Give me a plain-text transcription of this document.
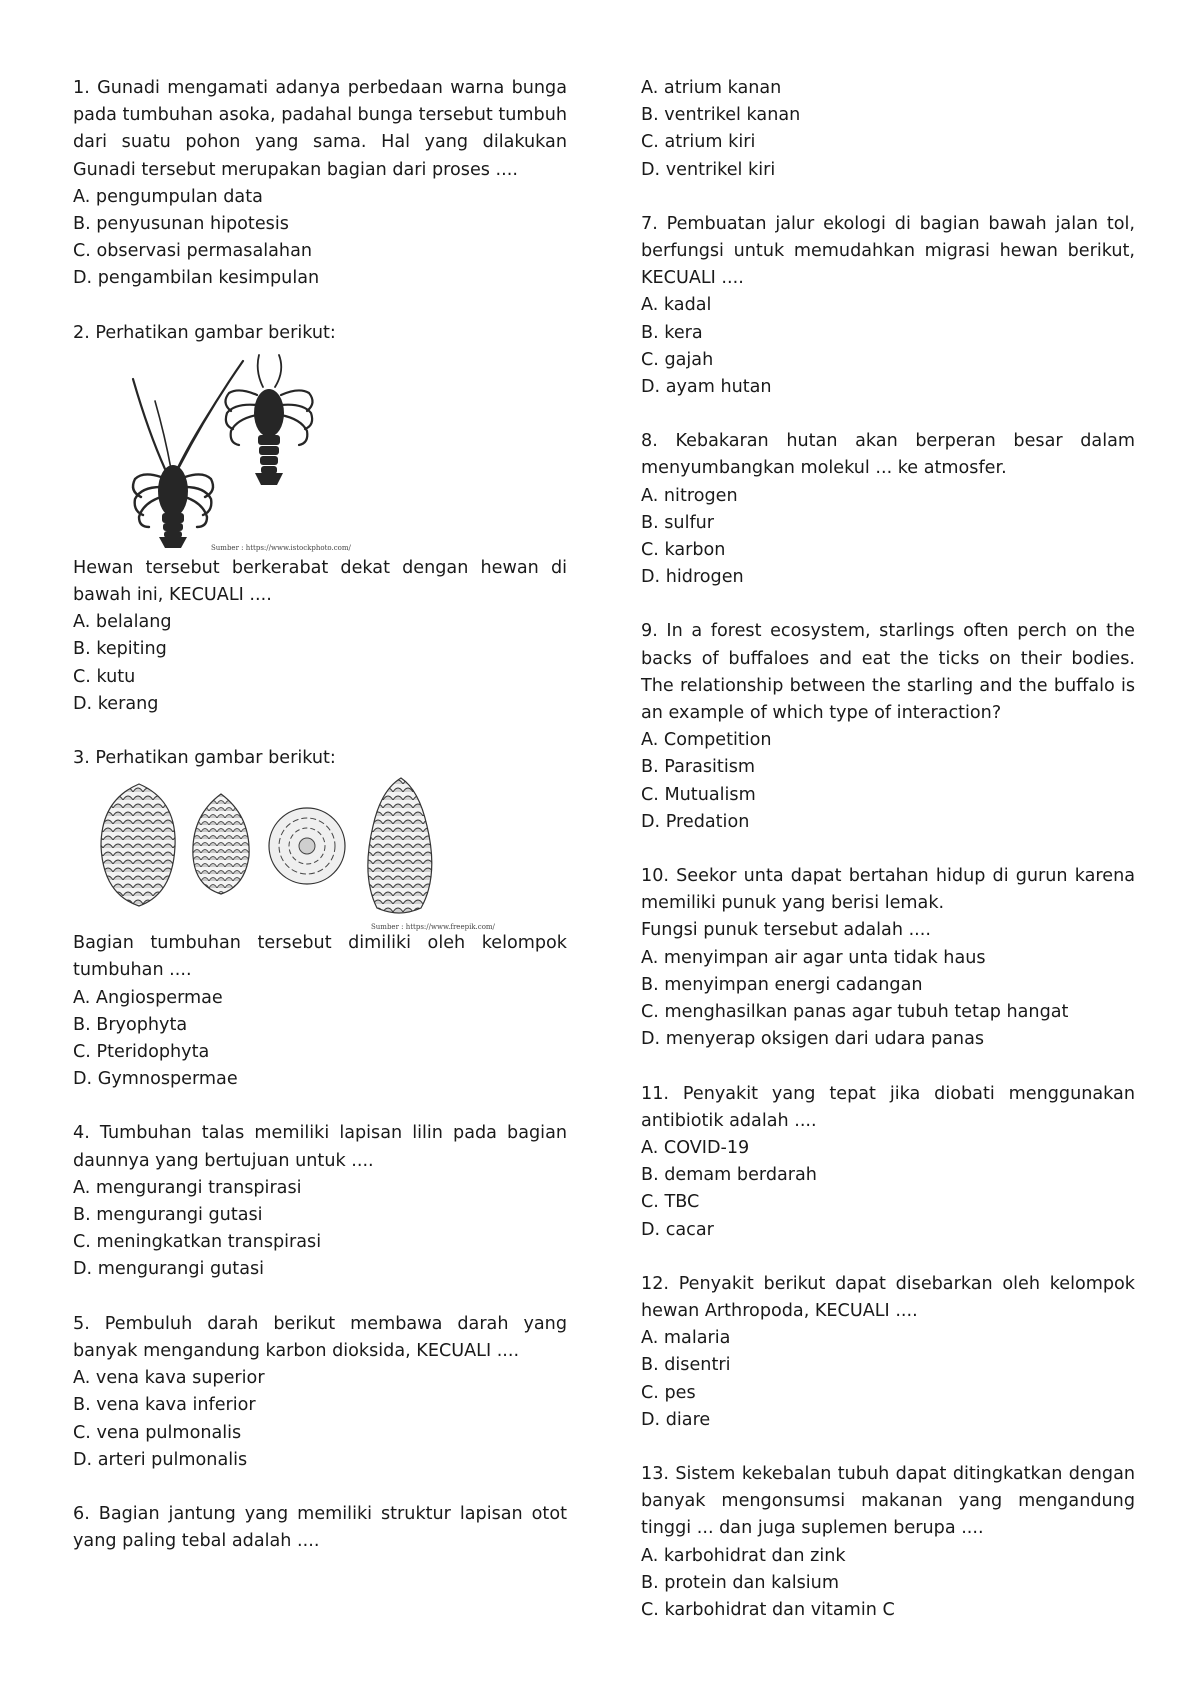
1. Gunadi mengamati adanya perbedaan warna bunga pada tumbuhan asoka, padahal bunga tersebut tumbuh dari suatu pohon yang sama. Hal yang dilakukan Gunadi tersebut merupakan bagian dari proses ....
A. pengumpulan data
B. penyusunan hipotesis
C. observasi permasalahan
D. pengambilan kesimpulan
2. Perhatikan gambar berikut:
Sumber : https://www.istockphoto.com/
Hewan tersebut berkerabat dekat dengan hewan di bawah ini, KECUALI ....
A. belalang
B. kepiting
C. kutu
D. kerang
3. Perhatikan gambar berikut:
Sumber : https://www.freepik.com/
Bagian tumbuhan tersebut dimiliki oleh kelompok tumbuhan ....
A. Angiospermae
B. Bryophyta
C. Pteridophyta
D. Gymnospermae
4. Tumbuhan talas memiliki lapisan lilin pada bagian daunnya yang bertujuan untuk ....
A. mengurangi transpirasi
B. mengurangi gutasi
C. meningkatkan transpirasi
D. mengurangi gutasi
5. Pembuluh darah berikut membawa darah yang banyak mengandung karbon dioksida, KECUALI ....
A. vena kava superior
B. vena kava inferior
C. vena pulmonalis
D. arteri pulmonalis
6. Bagian jantung yang memiliki struktur lapisan otot yang paling tebal adalah ....
A. atrium kanan
B. ventrikel kanan
C. atrium kiri
D. ventrikel kiri
7. Pembuatan jalur ekologi di bagian bawah jalan tol, berfungsi untuk memudahkan migrasi hewan berikut, KECUALI ....
A. kadal
B. kera
C. gajah
D. ayam hutan
8. Kebakaran hutan akan berperan besar dalam menyumbangkan molekul ... ke atmosfer.
A. nitrogen
B. sulfur
C. karbon
D. hidrogen
9. In a forest ecosystem, starlings often perch on the backs of buffaloes and eat the ticks on their bodies. The relationship between the starling and the buffalo is an example of which type of interaction?
A. Competition
B. Parasitism
C. Mutualism
D. Predation
10. Seekor unta dapat bertahan hidup di gurun karena memiliki punuk yang berisi lemak.
Fungsi punuk tersebut adalah ....
A. menyimpan air agar unta tidak haus
B. menyimpan energi cadangan
C. menghasilkan panas agar tubuh tetap hangat
D. menyerap oksigen dari udara panas
11. Penyakit yang tepat jika diobati menggunakan antibiotik adalah ....
A. COVID-19
B. demam berdarah
C. TBC
D. cacar
12. Penyakit berikut dapat disebarkan oleh kelompok hewan Arthropoda, KECUALI ....
A. malaria
B. disentri
C. pes
D. diare
13. Sistem kekebalan tubuh dapat ditingkatkan dengan banyak mengonsumsi makanan yang mengandung tinggi ... dan juga suplemen berupa ....
A. karbohidrat dan zink
B. protein dan kalsium
C. karbohidrat dan vitamin C
